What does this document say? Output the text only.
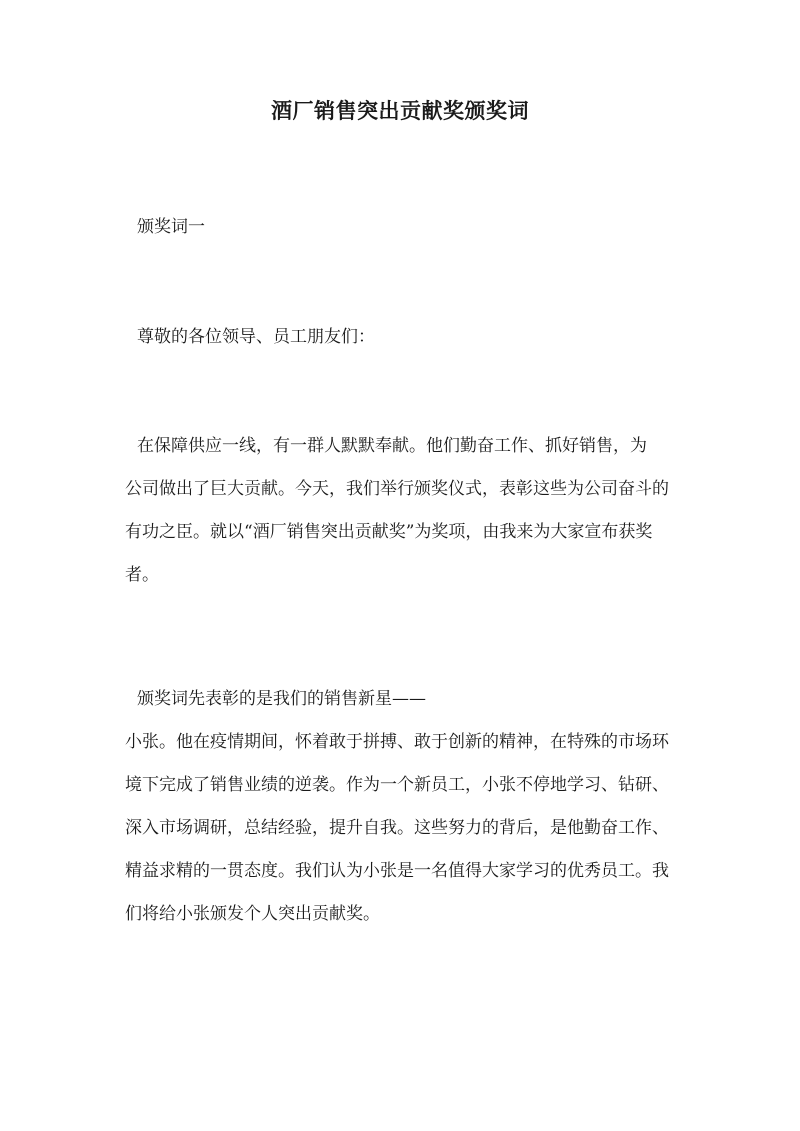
酒厂销售突出贡献奖颁奖词
颁奖词一
尊敬的各位领导、员工朋友们：
在保障供应一线，有一群人默默奉献。他们勤奋工作、抓好销售，为
公司做出了巨大贡献。今天，我们举行颁奖仪式，表彰这些为公司奋斗的
有功之臣。就以“酒厂销售突出贡献奖”为奖项，由我来为大家宣布获奖
者。
颁奖词先表彰的是我们的销售新星——
小张。他在疫情期间，怀着敢于拼搏、敢于创新的精神，在特殊的市场环
境下完成了销售业绩的逆袭。作为一个新员工，小张不停地学习、钻研、
深入市场调研，总结经验，提升自我。这些努力的背后，是他勤奋工作、
精益求精的一贯态度。我们认为小张是一名值得大家学习的优秀员工。我
们将给小张颁发个人突出贡献奖。
